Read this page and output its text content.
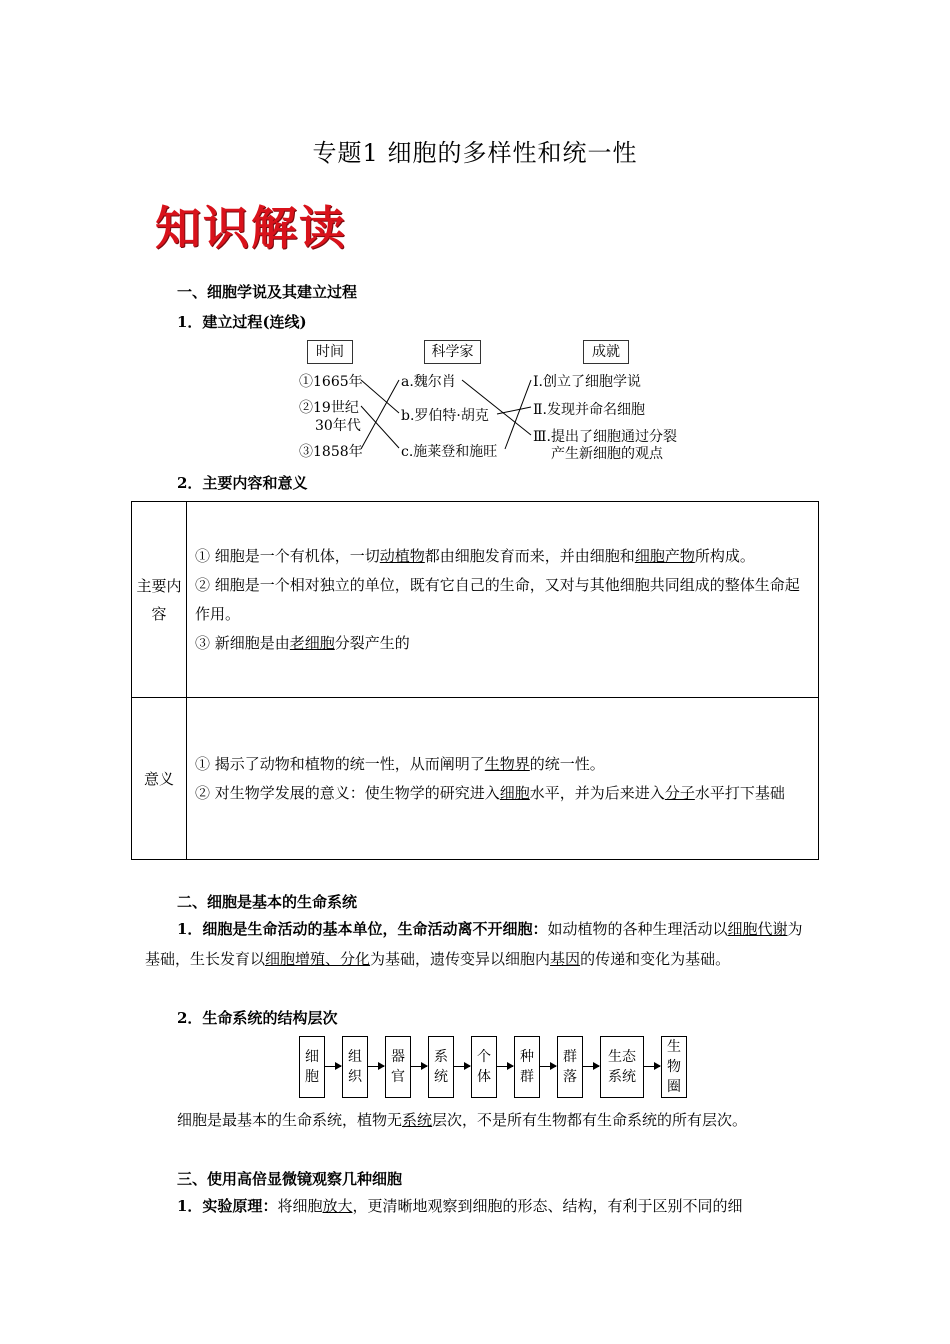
专题1 细胞的多样性和统一性
知识解读
一、细胞学说及其建立过程
1．建立过程(连线)
时间	科学家	成就
①1665年
②19世纪
30年代
③1858年
a.魏尔肖
b.罗伯特·胡克
c.施莱登和施旺
Ⅰ.创立了细胞学说
Ⅱ.发现并命名细胞
Ⅲ.提出了细胞通过分裂
产生新细胞的观点
2．主要内容和意义
主要内容	① 细胞是一个有机体，一切动植物都由细胞发育而来，并由细胞和细胞产物所构成。
② 细胞是一个相对独立的单位，既有它自己的生命，又对与其他细胞共同组成的整体生命起作用。
③ 新细胞是由老细胞分裂产生的

意义	① 揭示了动物和植物的统一性，从而阐明了生物界的统一性。
② 对生物学发展的意义：使生物学的研究进入细胞水平，并为后来进入分子水平打下基础
二、细胞是基本的生命系统
1．细胞是生命活动的基本单位，生命活动离不开细胞：如动植物的各种生理活动以细胞代谢为基础，生长发育以细胞增殖、分化为基础，遗传变异以细胞内基因的传递和变化为基础。
2．生命系统的结构层次
细胞
组织
器官
系统
个体
种群
群落
生态系统
生物圈
细胞是最基本的生命系统，植物无系统层次，不是所有生物都有生命系统的所有层次。
三、使用高倍显微镜观察几种细胞
1．实验原理：将细胞放大，更清晰地观察到细胞的形态、结构，有利于区别不同的细
